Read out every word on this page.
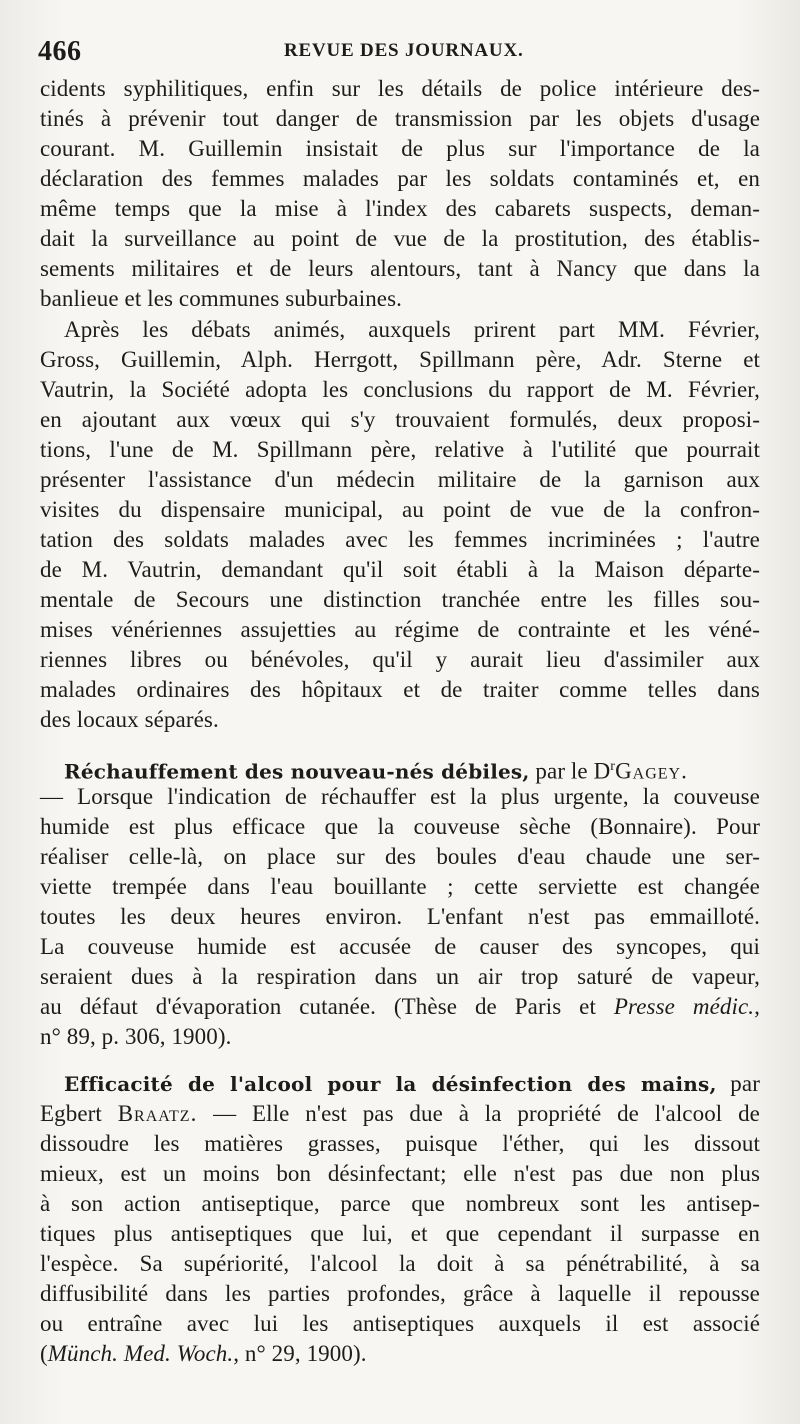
466	REVUE DES JOURNAUX.
cidents syphilitiques, enfin sur les détails de police intérieure des-
tinés à prévenir tout danger de transmission par les objets d'usage
courant. M. Guillemin insistait de plus sur l'importance de la
déclaration des femmes malades par les soldats contaminés et, en
même temps que la mise à l'index des cabarets suspects, deman-
dait la surveillance au point de vue de la prostitution, des établis-
sements militaires et de leurs alentours, tant à Nancy que dans la
banlieue et les communes suburbaines.
Après les débats animés, auxquels prirent part MM. Février,
Gross, Guillemin, Alph. Herrgott, Spillmann père, Adr. Sterne et
Vautrin, la Société adopta les conclusions du rapport de M. Février,
en ajoutant aux vœux qui s'y trouvaient formulés, deux proposi-
tions, l'une de M. Spillmann père, relative à l'utilité que pourrait
présenter l'assistance d'un médecin militaire de la garnison aux
visites du dispensaire municipal, au point de vue de la confron-
tation des soldats malades avec les femmes incriminées ; l'autre
de M. Vautrin, demandant qu'il soit établi à la Maison départe-
mentale de Secours une distinction tranchée entre les filles sou-
mises vénériennes assujetties au régime de contrainte et les véné-
riennes libres ou bénévoles, qu'il y aurait lieu d'assimiler aux
malades ordinaires des hôpitaux et de traiter comme telles dans
des locaux séparés.
Réchauffement des nouveau-nés débiles, par le $D^rGagey$.
— Lorsque l'indication de réchauffer est la plus urgente, la couveuse
humide est plus efficace que la couveuse sèche (Bonnaire). Pour
réaliser celle-là, on place sur des boules d'eau chaude une ser-
viette trempée dans l'eau bouillante ; cette serviette est changée
toutes les deux heures environ. L'enfant n'est pas emmailloté.
La couveuse humide est accusée de causer des syncopes, qui
seraient dues à la respiration dans un air trop saturé de vapeur,
au défaut d'évaporation cutanée. (Thèse de Paris et Presse médic.,
n° 89, p. 306, 1900).
Efficacité de l'alcool pour la désinfection des mains, par
Egbert Braatz. — Elle n'est pas due à la propriété de l'alcool de
dissoudre les matières grasses, puisque l'éther, qui les dissout
mieux, est un moins bon désinfectant; elle n'est pas due non plus
à son action antiseptique, parce que nombreux sont les antisep-
tiques plus antiseptiques que lui, et que cependant il surpasse en
l'espèce. Sa supériorité, l'alcool la doit à sa pénétrabilité, à sa
diffusibilité dans les parties profondes, grâce à laquelle il repousse
ou entraîne avec lui les antiseptiques auxquels il est associé
(Münch. Med. Woch., n° 29, 1900).
